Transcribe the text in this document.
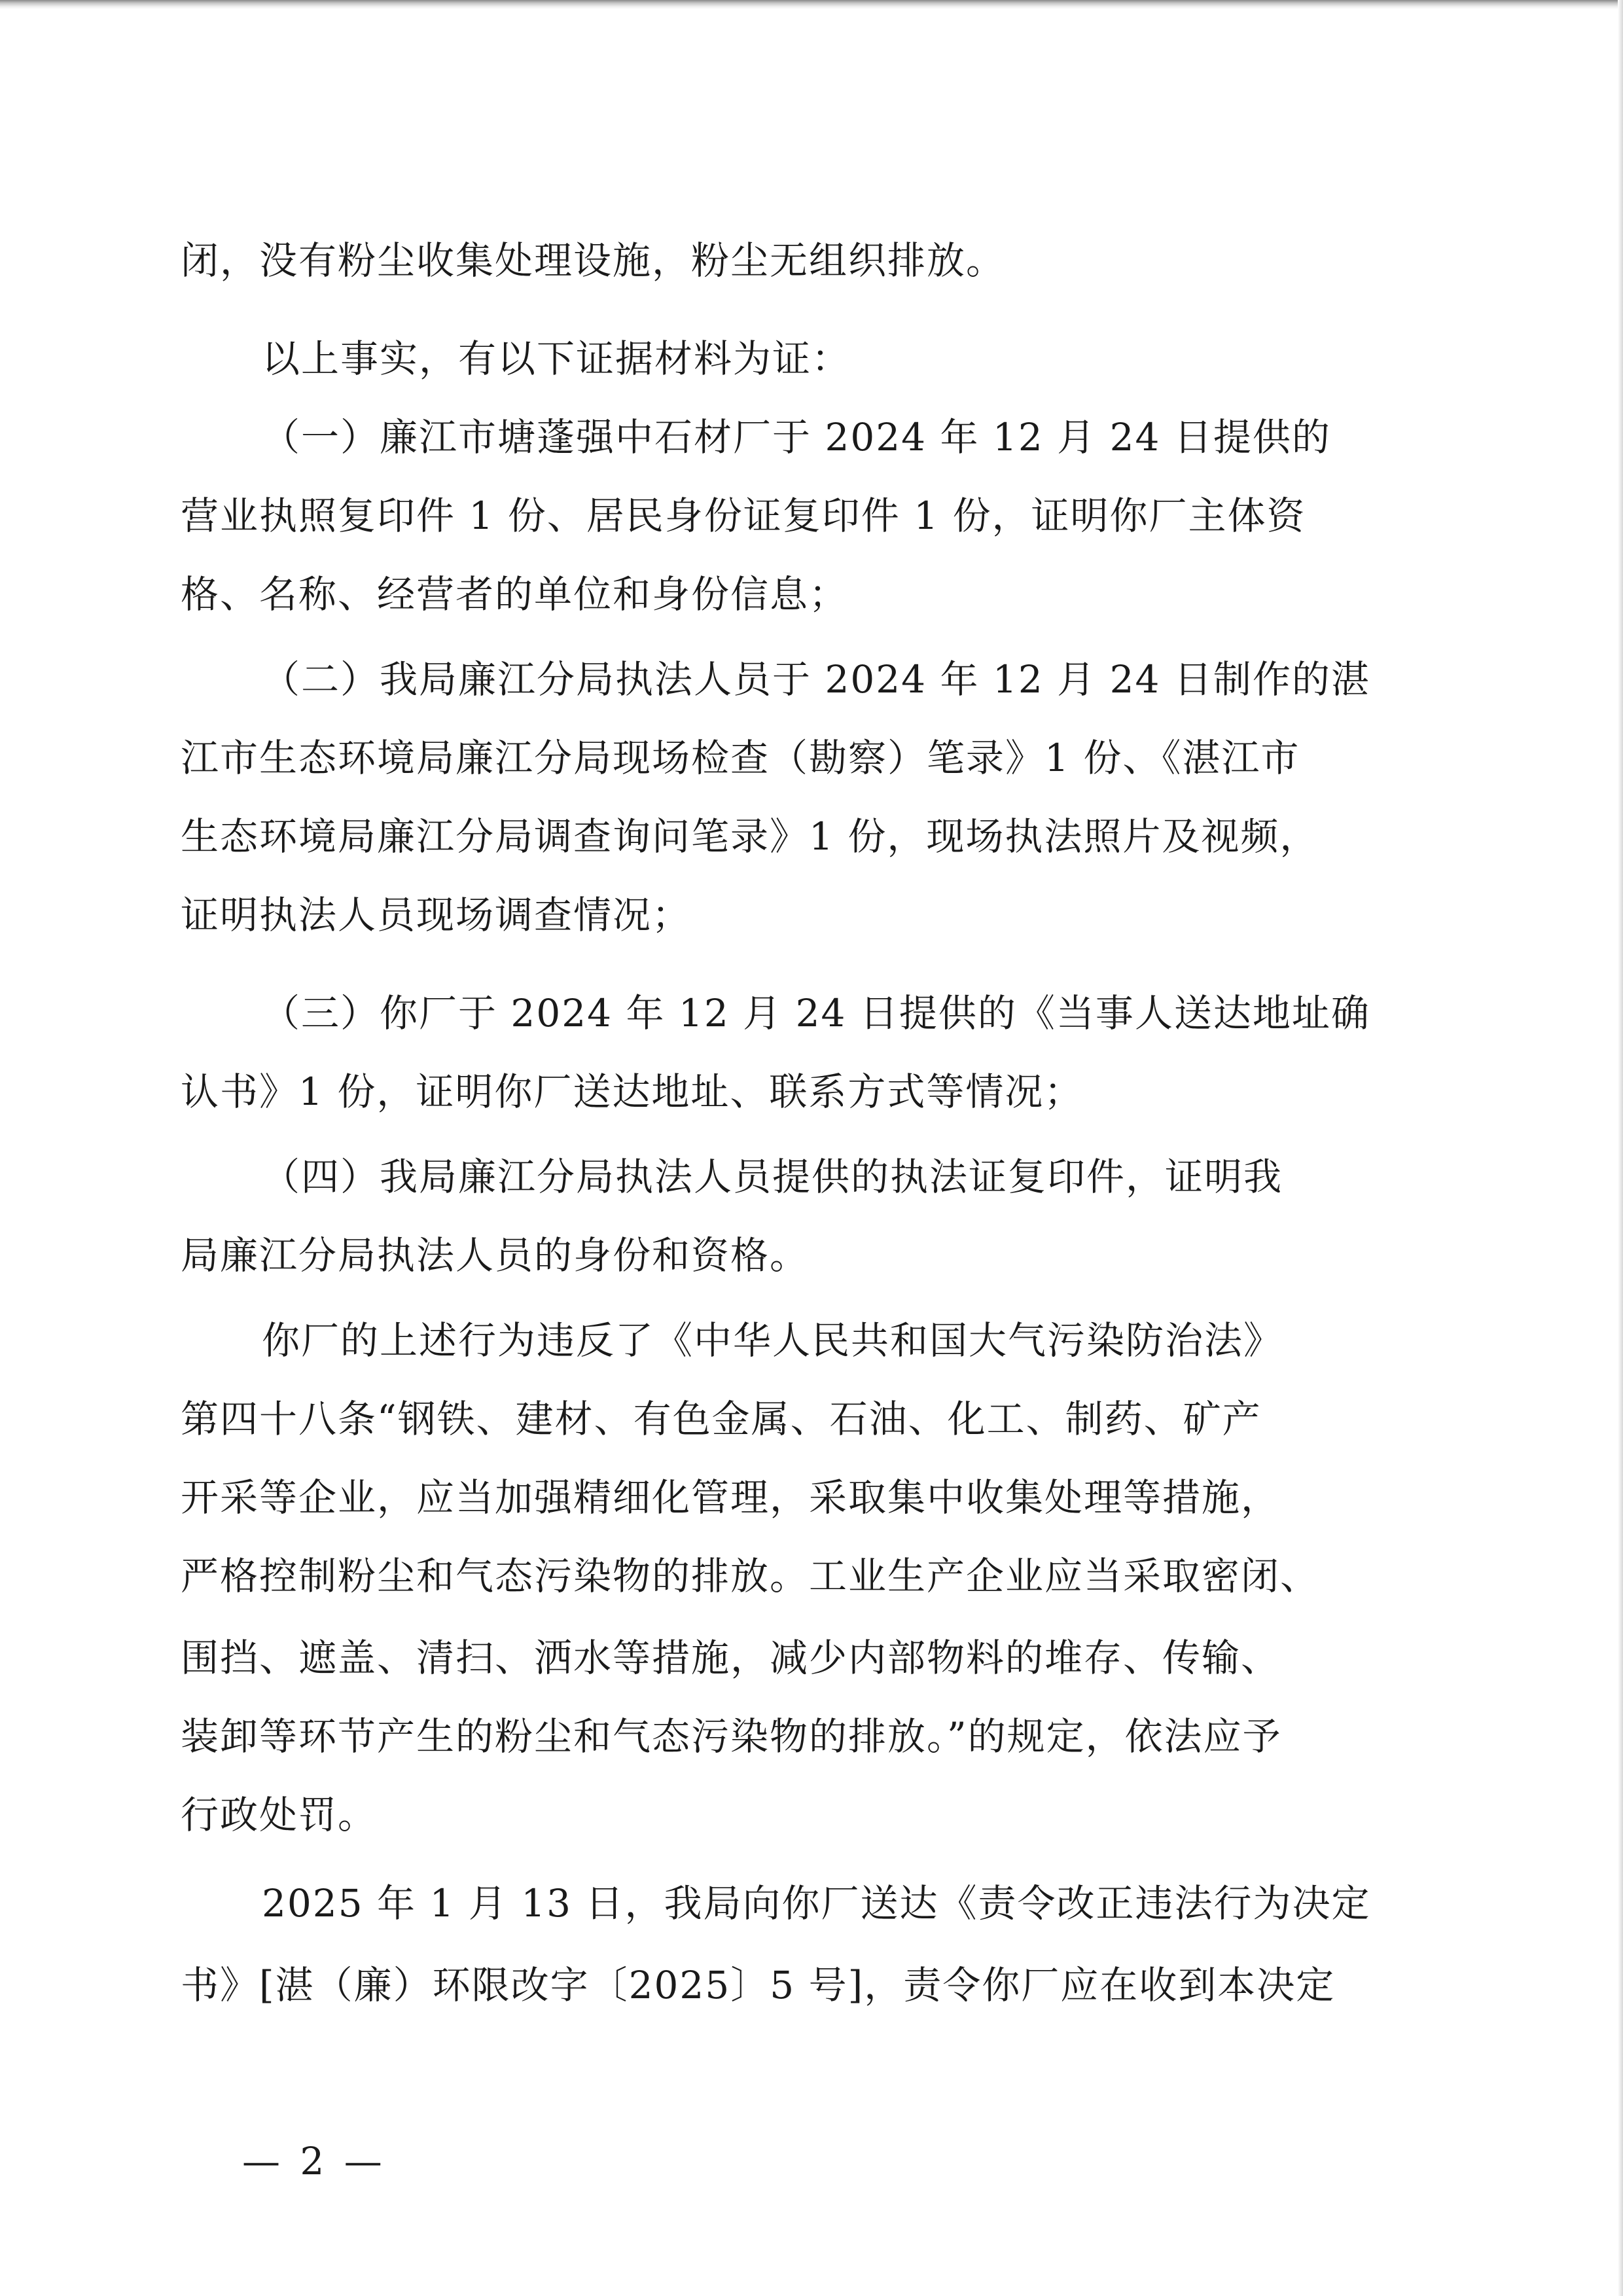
闭，没有粉尘收集处理设施，粉尘无组织排放。
以上事实，有以下证据材料为证：
（一）廉江市塘蓬强中石材厂于 2024 年 12 月 24 日提供的
营业执照复印件 1 份、居民身份证复印件 1 份，证明你厂主体资
格、名称、经营者的单位和身份信息；
（二）我局廉江分局执法人员于 2024 年 12 月 24 日制作的湛
江市生态环境局廉江分局现场检查（勘察）笔录》1 份、《湛江市
生态环境局廉江分局调查询问笔录》1 份，现场执法照片及视频，
证明执法人员现场调查情况；
（三）你厂于 2024 年 12 月 24 日提供的《当事人送达地址确
认书》1 份，证明你厂送达地址、联系方式等情况；
（四）我局廉江分局执法人员提供的执法证复印件，证明我
局廉江分局执法人员的身份和资格。
你厂的上述行为违反了《中华人民共和国大气污染防治法》
第四十八条“钢铁、建材、有色金属、石油、化工、制药、矿产
开采等企业，应当加强精细化管理，采取集中收集处理等措施，
严格控制粉尘和气态污染物的排放。工业生产企业应当采取密闭、
围挡、遮盖、清扫、洒水等措施，减少内部物料的堆存、传输、
装卸等环节产生的粉尘和气态污染物的排放。”的规定，依法应予
行政处罚。
2025 年 1 月 13 日，我局向你厂送达《责令改正违法行为决定
书》[湛（廉）环限改字〔2025〕5 号]，责令你厂应在收到本决定
— 2 —
